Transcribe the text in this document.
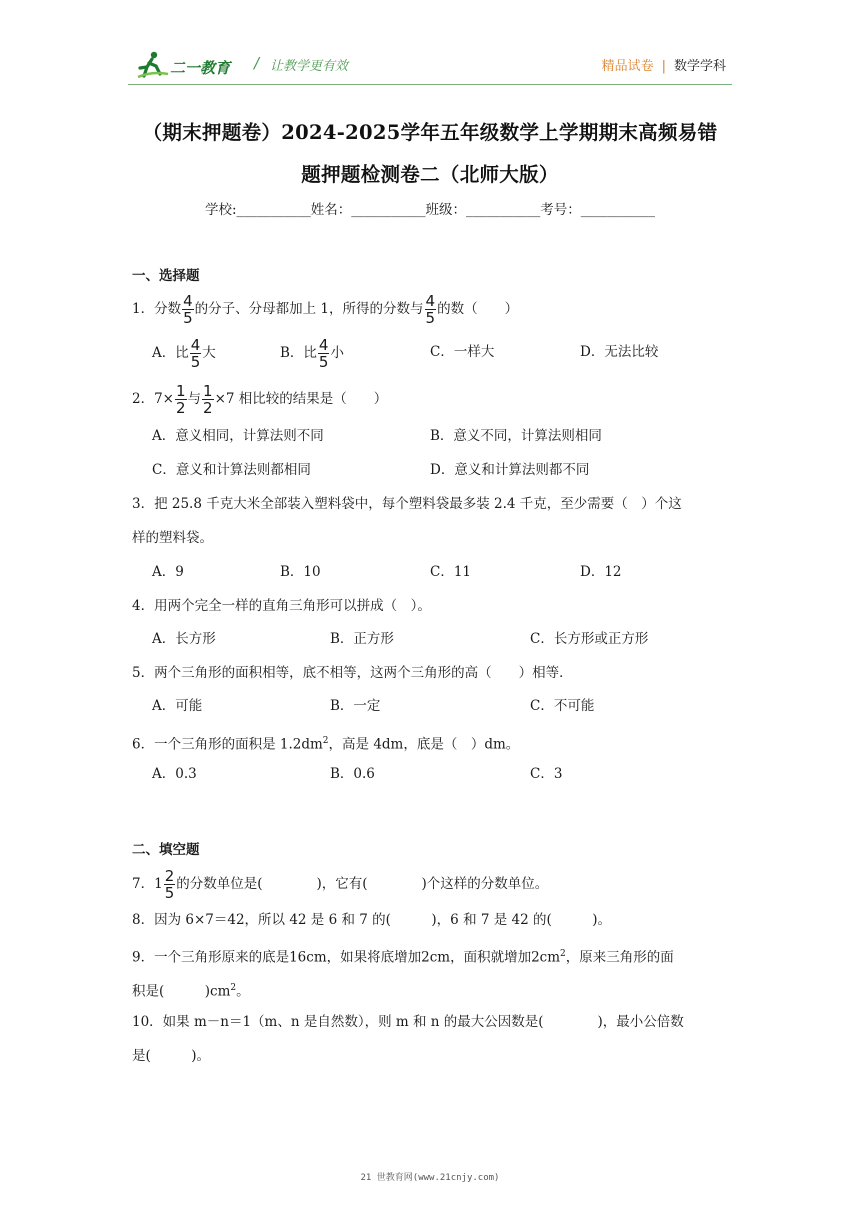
二一教育 / 让教学更有效	精品试卷 | 数学学科
（期末押题卷）2024-2025学年五年级数学上学期期末高频易错
题押题检测卷二（北师大版）
学校:___________姓名：___________班级：___________考号：___________
一、选择题
1．分数 $\frac{4}{5}$ 的分子、分母都加上 1，所得的分数与 $\frac{4}{5}$ 的数（　　）
A．比 $\frac{4}{5}$ 大	B．比 $\frac{4}{5}$ 小	C．一样大	D．无法比较
2．$7\times \frac{1}{2}$ 与 $\frac{1}{2} \times 7$ 相比较的结果是（　　）
A．意义相同，计算法则不同	B．意义不同，计算法则相同
C．意义和计算法则都相同	D．意义和计算法则都不同
3．把 25.8 千克大米全部装入塑料袋中，每个塑料袋最多装 2.4 千克，至少需要（　）个这
样的塑料袋。
A．9	B．10	C．11	D．12
4．用两个完全一样的直角三角形可以拼成（　）。
A．长方形	B．正方形	C．长方形或正方形
5．两个三角形的面积相等，底不相等，这两个三角形的高（　　）相等．
A．可能	B．一定	C．不可能
6．一个三角形的面积是 $1.2dm^2$，高是 4dm，底是（　）dm。
A．0.3	B．0.6	C．3
二、填空题
7．$1 \frac{2}{5}$ 的分数单位是(　　　　)，它有(　　　　)个这样的分数单位。
8．因为 6×7＝42，所以 42 是 6 和 7 的(　　　)，6 和 7 是 42 的(　　　)。
9．一个三角形原来的底是16cm，如果将底增加2cm，面积就增加$2cm^2$，原来三角形的面
积是(　　　)$cm^2$。
10．如果 m－n＝1（m、n 是自然数），则 m 和 n 的最大公因数是(　　　　)，最小公倍数
是(　　　)。
21 世教育网(www.21cnjy.com)
